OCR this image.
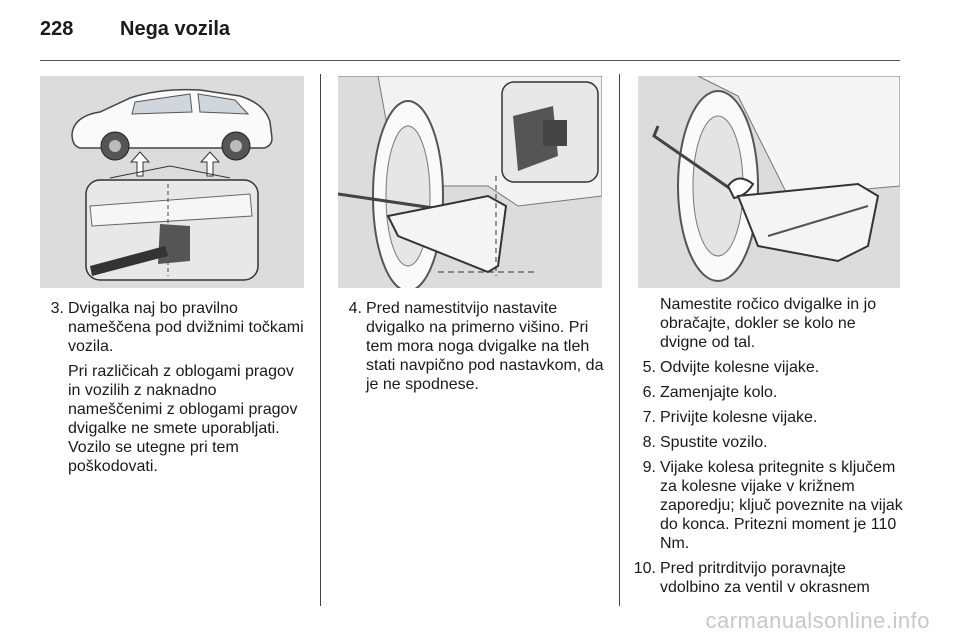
228	Nega vozila
3. Dvigalka naj bo pravilno nameščena pod dvižnimi točkami vozila.
Pri različicah z oblogami pragov in vozilih z naknadno nameščenimi z oblogami pragov dvigalke ne smete uporabljati. Vozilo se utegne pri tem poškodovati.
4. Pred namestitvijo nastavite dvigalko na primerno višino. Pri tem mora noga dvigalke na tleh stati navpično pod nastavkom, da je ne spodnese.
Namestite ročico dvigalke in jo obračajte, dokler se kolo ne dvigne od tal.
5. Odvijte kolesne vijake.
6. Zamenjajte kolo.
7. Privijte kolesne vijake.
8. Spustite vozilo.
9. Vijake kolesa pritegnite s ključem za kolesne vijake v križnem zaporedju; ključ poveznite na vijak do konca. Pritezni moment je 110 Nm.
10. Pred pritrditvijo poravnajte vdolbino za ventil v okrasnem
carmanualsonline.info
